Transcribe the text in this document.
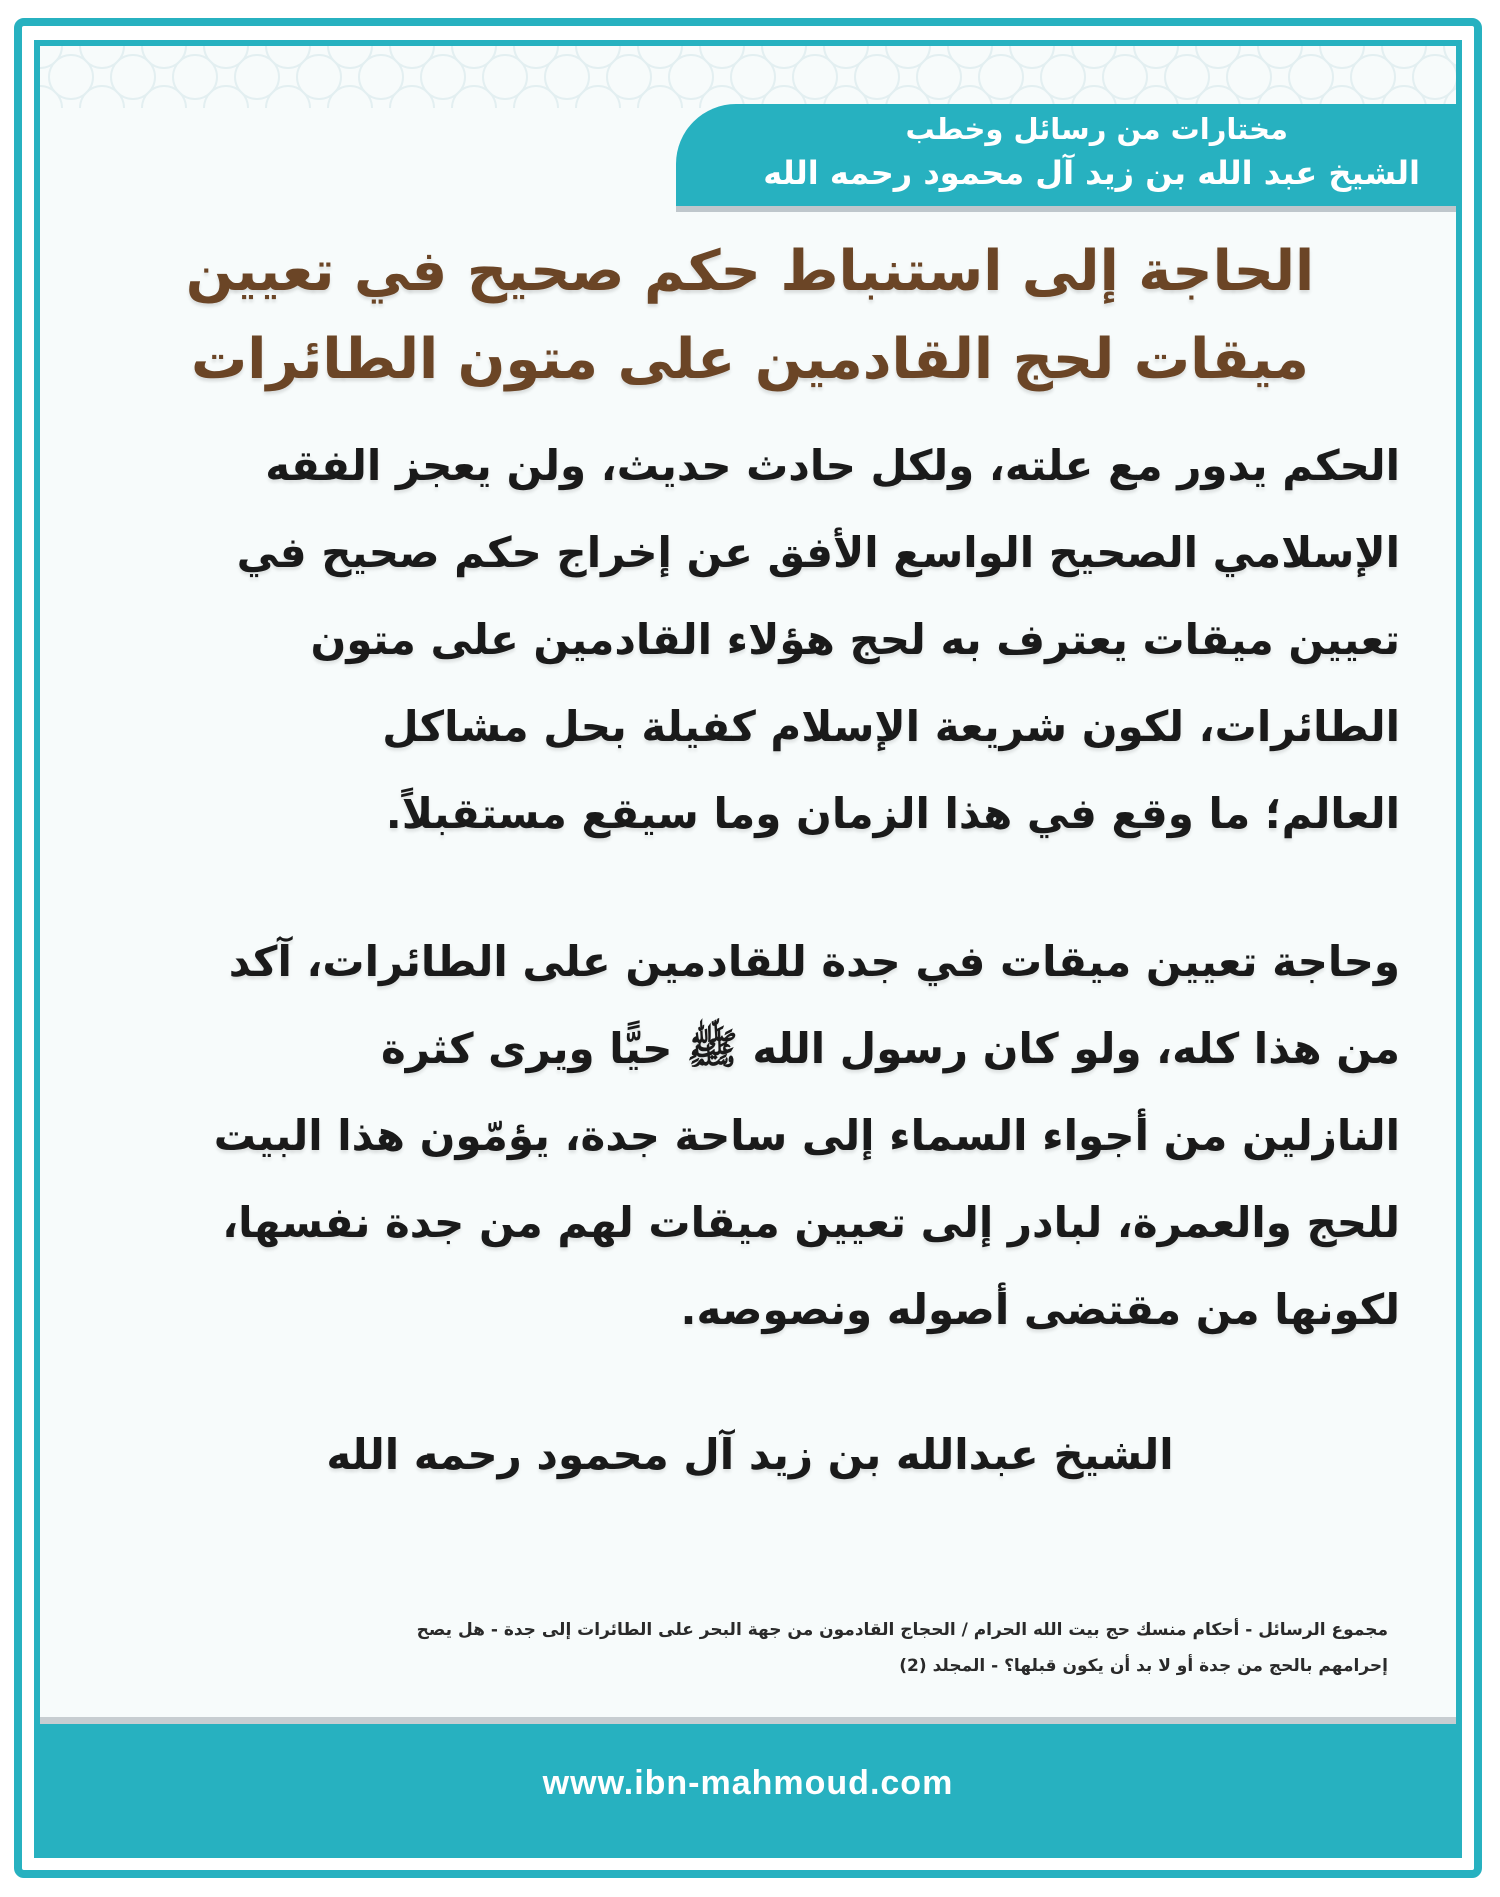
مختارات من رسائل وخطب
الشيخ عبد الله بن زيد آل محمود رحمه الله
الحاجة إلى استنباط حكم صحيح في تعيين
ميقات لحج القادمين على متون الطائرات
الحكم يدور مع علته، ولكل حادث حديث، ولن يعجز الفقه
الإسلامي الصحيح الواسع الأفق عن إخراج حكم صحيح في
تعيين ميقات يعترف به لحج هؤلاء القادمين على متون
الطائرات، لكون شريعة الإسلام كفيلة بحل مشاكل
العالم؛ ما وقع في هذا الزمان وما سيقع مستقبلاً.
وحاجة تعيين ميقات في جدة للقادمين على الطائرات، آكد
من هذا كله، ولو كان رسول الله ﷺ حيًّا ويرى كثرة
النازلين من أجواء السماء إلى ساحة جدة، يؤمّون هذا البيت
للحج والعمرة، لبادر إلى تعيين ميقات لهم من جدة نفسها،
لكونها من مقتضى أصوله ونصوصه.
الشيخ عبدالله بن زيد آل محمود رحمه الله
مجموع الرسائل - أحكام منسك حج بيت الله الحرام / الحجاج القادمون من جهة البحر على الطائرات إلى جدة - هل يصح
إحرامهم بالحج من جدة أو لا بد أن يكون قبلها؟ - المجلد (2)
www.ibn-mahmoud.com
